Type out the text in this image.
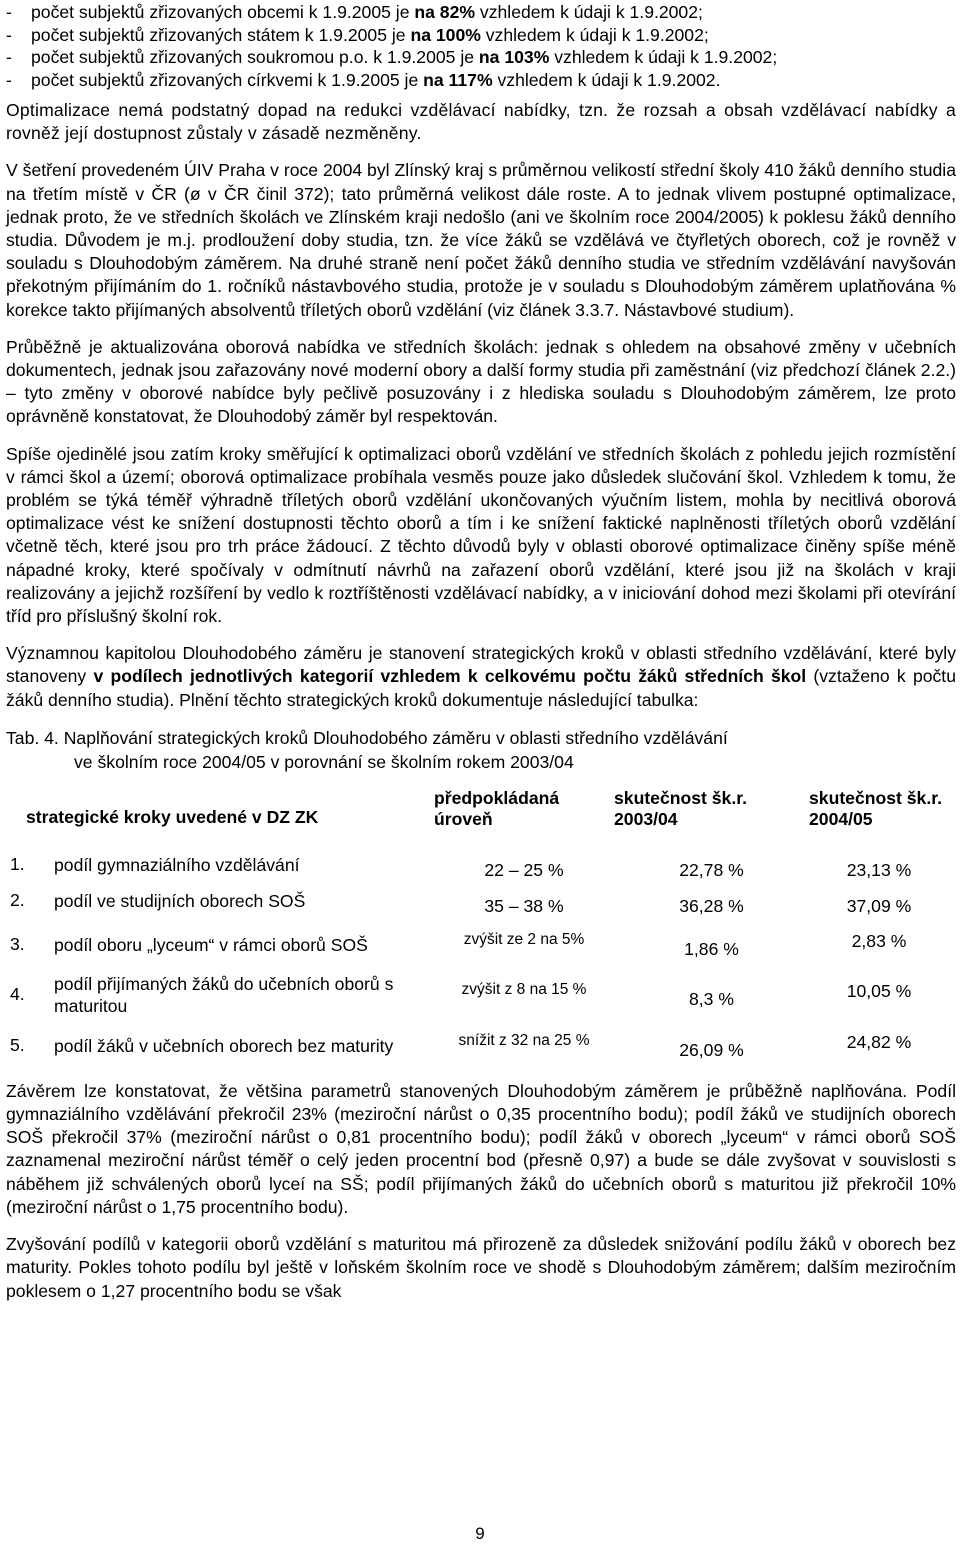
-	počet subjektů zřizovaných obcemi k 1.9.2005 je na 82% vzhledem k údaji k 1.9.2002;
-	počet subjektů zřizovaných státem k 1.9.2005 je na 100% vzhledem k údaji k 1.9.2002;
-	počet subjektů zřizovaných soukromou p.o. k 1.9.2005 je na 103% vzhledem k údaji k 1.9.2002;
-	počet subjektů zřizovaných církvemi k 1.9.2005 je na 117% vzhledem k údaji k 1.9.2002.

Optimalizace nemá podstatný dopad na redukci vzdělávací nabídky, tzn. že rozsah a obsah vzdělávací nabídky a rovněž její dostupnost zůstaly v zásadě nezměněny.

V šetření provedeném ÚIV Praha v roce 2004 byl Zlínský kraj s průměrnou velikostí střední školy 410 žáků denního studia na třetím místě v ČR (ø v ČR činil 372); tato průměrná velikost dále roste. A to jednak vlivem postupné optimalizace, jednak proto, že ve středních školách ve Zlínském kraji nedošlo (ani ve školním roce 2004/2005) k poklesu žáků denního studia. Důvodem je m.j. prodloužení doby studia, tzn. že více žáků se vzdělává ve čtyřletých oborech, což je rovněž v souladu s Dlouhodobým záměrem. Na druhé straně není počet žáků denního studia ve středním vzdělávání navyšován překotným přijímáním do 1. ročníků nástavbového studia, protože je v souladu s Dlouhodobým záměrem uplatňována % korekce takto přijímaných absolventů tříletých oborů vzdělání (viz článek 3.3.7. Nástavbové studium).

Průběžně je aktualizována oborová nabídka ve středních školách: jednak s ohledem na obsahové změny v učebních dokumentech, jednak jsou zařazovány nové moderní obory a další formy studia při zaměstnání (viz předchozí článek 2.2.) – tyto změny v oborové nabídce byly pečlivě posuzovány i z hlediska souladu s Dlouhodobým záměrem, lze proto oprávněně konstatovat, že Dlouhodobý záměr byl respektován.

Spíše ojedinělé jsou zatím kroky směřující k optimalizaci oborů vzdělání ve středních školách z pohledu jejich rozmístění v rámci škol a území; oborová optimalizace probíhala vesměs pouze jako důsledek slučování škol. Vzhledem k tomu, že problém se týká téměř výhradně tříletých oborů vzdělání ukončovaných výučním listem, mohla by necitlivá oborová optimalizace vést ke snížení dostupnosti těchto oborů a tím i ke snížení faktické naplněnosti tříletých oborů vzdělání včetně těch, které jsou pro trh práce žádoucí. Z těchto důvodů byly v oblasti oborové optimalizace činěny spíše méně nápadné kroky, které spočívaly v odmítnutí návrhů na zařazení oborů vzdělání, které jsou již na školách v kraji realizovány a jejichž rozšíření by vedlo k roztříštěnosti vzdělávací nabídky, a v iniciování dohod mezi školami při otevírání tříd pro příslušný školní rok.

Významnou kapitolou Dlouhodobého záměru je stanovení strategických kroků v oblasti středního vzdělávání, které byly stanoveny v podílech jednotlivých kategorií vzhledem k celkovému počtu žáků středních škol (vztaženo k počtu žáků denního studia). Plnění těchto strategických kroků dokumentuje následující tabulka:

Tab. 4. Naplňování strategických kroků Dlouhodobého záměru v oblasti středního vzdělávání
ve školním roce 2004/05 v porovnání se školním rokem 2003/04
strategické kroky uvedené v DZ ZK		předpokládaná úroveň	skutečnost šk.r. 2003/04	skutečnost šk.r. 2004/05
1.	podíl gymnaziálního vzdělávání	22 – 25 %	22,78 %	23,13 %
2.	podíl ve studijních oborech SOŠ	35 – 38 %	36,28 %	37,09 %
3.	podíl oboru „lyceum“ v rámci oborů SOŠ	zvýšit ze 2 na 5%	1,86 %	2,83 %
4.	podíl přijímaných žáků do učebních oborů s maturitou	zvýšit z 8 na 15 %	8,3 %	10,05 %
5.	podíl žáků v učebních oborech bez maturity	snížit z 32 na 25 %	26,09 %	24,82 %

Závěrem lze konstatovat, že většina parametrů stanovených Dlouhodobým záměrem je průběžně naplňována. Podíl gymnaziálního vzdělávání překročil 23% (meziroční nárůst o 0,35 procentního bodu); podíl žáků ve studijních oborech SOŠ překročil 37% (meziroční nárůst o 0,81 procentního bodu); podíl žáků v oborech „lyceum“ v rámci oborů SOŠ zaznamenal meziroční nárůst téměř o celý jeden procentní bod (přesně 0,97) a bude se dále zvyšovat v souvislosti s náběhem již schválených oborů lyceí na SŠ; podíl přijímaných žáků do učebních oborů s maturitou již překročil 10% (meziroční nárůst o 1,75 procentního bodu).

Zvyšování podílů v kategorii oborů vzdělání s maturitou má přirozeně za důsledek snižování podílu žáků v oborech bez maturity. Pokles tohoto podílu byl ještě v loňském školním roce ve shodě s Dlouhodobým záměrem; dalším meziročním poklesem o 1,27 procentního bodu se však

9
